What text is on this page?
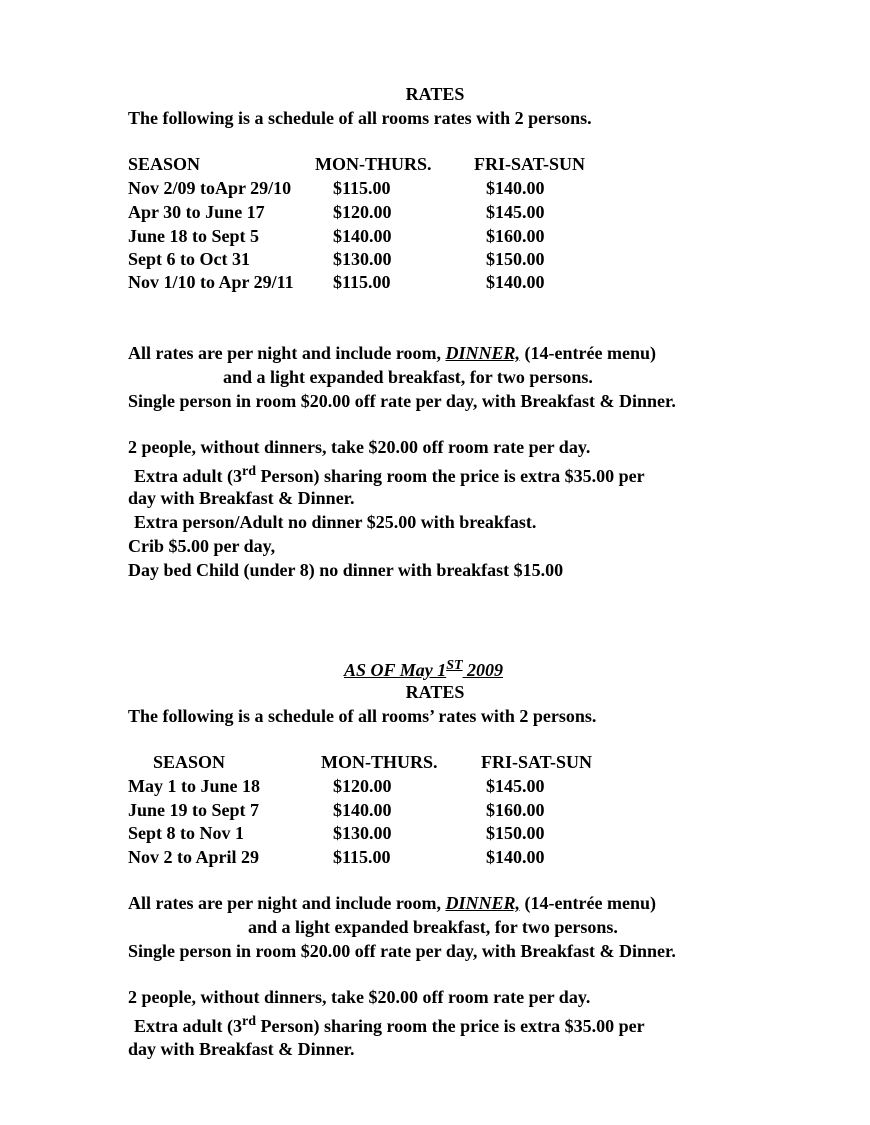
RATES
The following is a schedule of all rooms rates with 2 persons.
SEASON	MON-THURS. FRI-SAT-SUN
Nov 2/09 toApr 29/10 $115.00	$140.00
Apr 30 to June 17	$120.00	$145.00
June 18 to Sept 5	$140.00	$160.00
Sept 6 to Oct 31	$130.00	$150.00
Nov 1/10 to Apr 29/11 $115.00	$140.00
All rates are per night and include room, DINNER, (14-entrée menu)
and a light expanded breakfast, for two persons.
Single person in room $20.00 off rate per day, with Breakfast & Dinner.
2 people, without dinners, take $20.00 off room rate per day.
Extra adult (3rd Person) sharing room the price is extra $35.00 per
day with Breakfast & Dinner.
Extra person/Adult no dinner $25.00 with breakfast.
Crib $5.00 per day,
Day bed Child (under 8) no dinner with breakfast $15.00
AS OF May 1ST 2009
RATES
The following is a schedule of all rooms’ rates with 2 persons.
SEASON	MON-THURS. FRI-SAT-SUN
May 1 to June 18	$120.00	$145.00
June 19 to Sept 7	$140.00	$160.00
Sept 8 to Nov 1	$130.00	$150.00
Nov 2 to April 29	$115.00	$140.00
All rates are per night and include room, DINNER, (14-entrée menu)
and a light expanded breakfast, for two persons.
Single person in room $20.00 off rate per day, with Breakfast & Dinner.
2 people, without dinners, take $20.00 off room rate per day.
Extra adult (3rd Person) sharing room the price is extra $35.00 per
day with Breakfast & Dinner.
